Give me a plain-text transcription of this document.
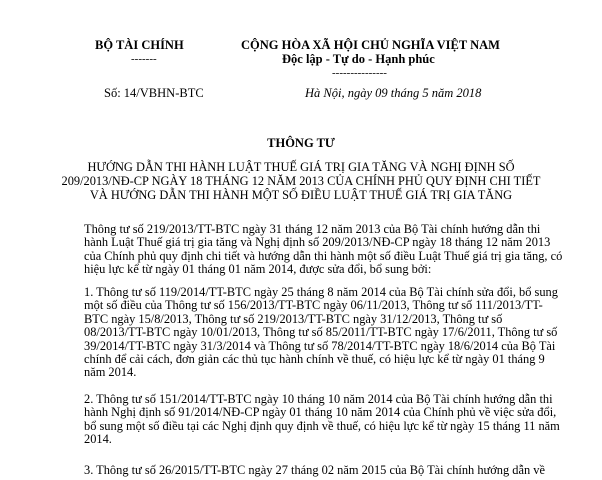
BỘ TÀI CHÍNH
-------
CỘNG HÒA XÃ HỘI CHỦ NGHĨA VIỆT NAM
Độc lập - Tự do - Hạnh phúc
---------------
Số: 14/VBHN-BTC	Hà Nội, ngày 09 tháng 5 năm 2018
THÔNG TƯ
HƯỚNG DẪN THI HÀNH LUẬT THUẾ GIÁ TRỊ GIA TĂNG VÀ NGHỊ ĐỊNH SỐ
209/2013/NĐ-CP NGÀY 18 THÁNG 12 NĂM 2013 CỦA CHÍNH PHỦ QUY ĐỊNH CHI TIẾT
VÀ HƯỚNG DẪN THI HÀNH MỘT SỐ ĐIỀU LUẬT THUẾ GIÁ TRỊ GIA TĂNG
Thông tư số 219/2013/TT-BTC ngày 31 tháng 12 năm 2013 của Bộ Tài chính hướng dẫn thi
hành Luật Thuế giá trị gia tăng và Nghị định số 209/2013/NĐ-CP ngày 18 tháng 12 năm 2013
của Chính phủ quy định chi tiết và hướng dẫn thi hành một số điều Luật Thuế giá trị gia tăng, có
hiệu lực kể từ ngày 01 tháng 01 năm 2014, được sửa đổi, bổ sung bởi:
1. Thông tư số 119/2014/TT-BTC ngày 25 tháng 8 năm 2014 của Bộ Tài chính sửa đổi, bổ sung
một số điều của Thông tư số 156/2013/TT-BTC ngày 06/11/2013, Thông tư số 111/2013/TT-
BTC ngày 15/8/2013, Thông tư số 219/2013/TT-BTC ngày 31/12/2013, Thông tư số
08/2013/TT-BTC ngày 10/01/2013, Thông tư số 85/2011/TT-BTC ngày 17/6/2011, Thông tư số
39/2014/TT-BTC ngày 31/3/2014 và Thông tư số 78/2014/TT-BTC ngày 18/6/2014 của Bộ Tài
chính để cải cách, đơn giản các thủ tục hành chính về thuế, có hiệu lực kể từ ngày 01 tháng 9
năm 2014.
2. Thông tư số 151/2014/TT-BTC ngày 10 tháng 10 năm 2014 của Bộ Tài chính hướng dẫn thi
hành Nghị định số 91/2014/NĐ-CP ngày 01 tháng 10 năm 2014 của Chính phủ về việc sửa đổi,
bổ sung một số điều tại các Nghị định quy định về thuế, có hiệu lực kể từ ngày 15 tháng 11 năm
2014.
3. Thông tư số 26/2015/TT-BTC ngày 27 tháng 02 năm 2015 của Bộ Tài chính hướng dẫn về
